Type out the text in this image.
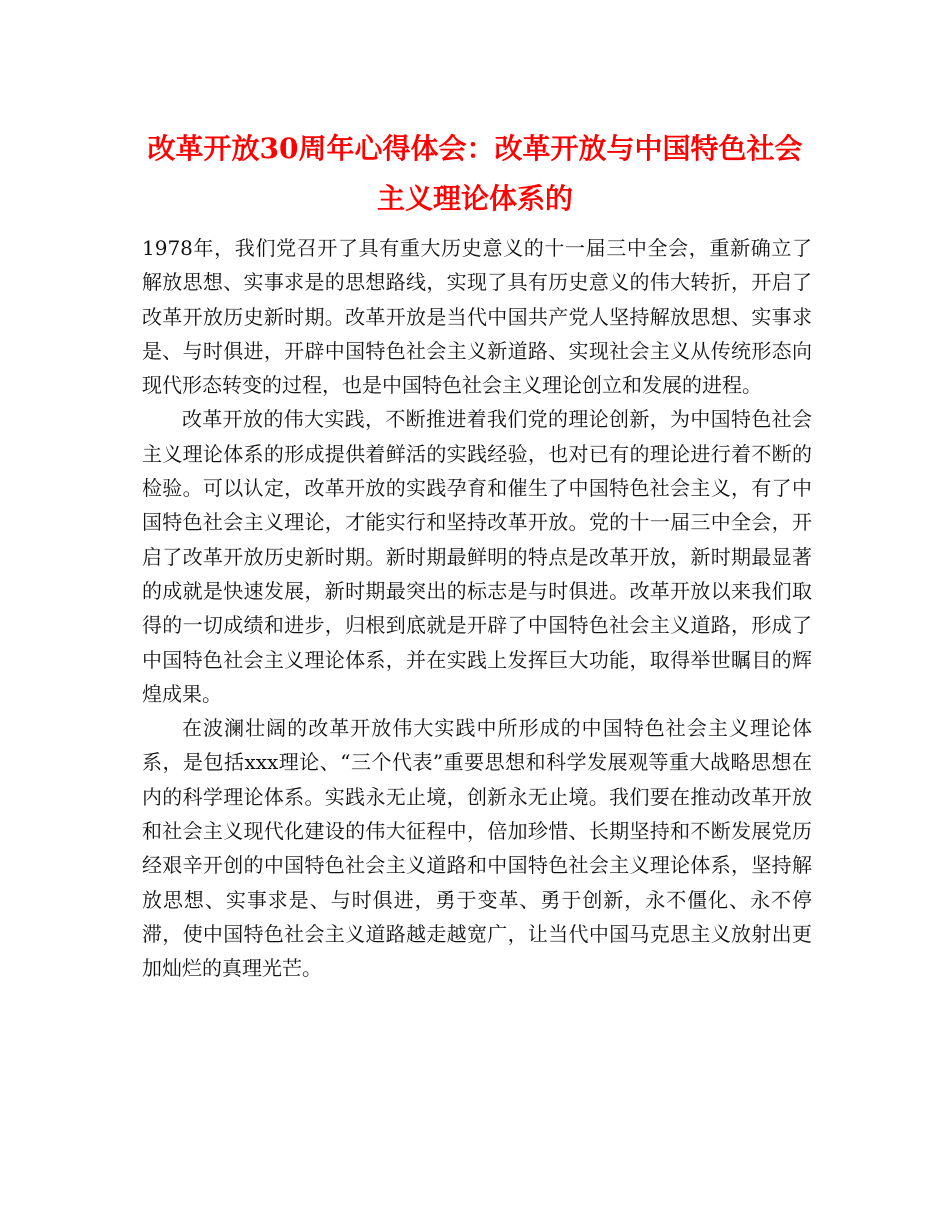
改革开放30周年心得体会：改革开放与中国特色社会
主义理论体系的

1978年，我们党召开了具有重大历史意义的十一届三中全会，重新确立了解放思想、实事求是的思想路线，实现了具有历史意义的伟大转折，开启了改革开放历史新时期。改革开放是当代中国共产党人坚持解放思想、实事求是、与时俱进，开辟中国特色社会主义新道路、实现社会主义从传统形态向现代形态转变的过程，也是中国特色社会主义理论创立和发展的进程。

改革开放的伟大实践，不断推进着我们党的理论创新，为中国特色社会主义理论体系的形成提供着鲜活的实践经验，也对已有的理论进行着不断的检验。可以认定，改革开放的实践孕育和催生了中国特色社会主义，有了中国特色社会主义理论，才能实行和坚持改革开放。党的十一届三中全会，开启了改革开放历史新时期。新时期最鲜明的特点是改革开放，新时期最显著的成就是快速发展，新时期最突出的标志是与时俱进。改革开放以来我们取得的一切成绩和进步，归根到底就是开辟了中国特色社会主义道路，形成了中国特色社会主义理论体系，并在实践上发挥巨大功能，取得举世瞩目的辉煌成果。

在波澜壮阔的改革开放伟大实践中所形成的中国特色社会主义理论体系，是包括xxx理论、“三个代表”重要思想和科学发展观等重大战略思想在内的科学理论体系。实践永无止境，创新永无止境。我们要在推动改革开放和社会主义现代化建设的伟大征程中，倍加珍惜、长期坚持和不断发展党历经艰辛开创的中国特色社会主义道路和中国特色社会主义理论体系，坚持解放思想、实事求是、与时俱进，勇于变革、勇于创新，永不僵化、永不停滞，使中国特色社会主义道路越走越宽广，让当代中国马克思主义放射出更加灿烂的真理光芒。
